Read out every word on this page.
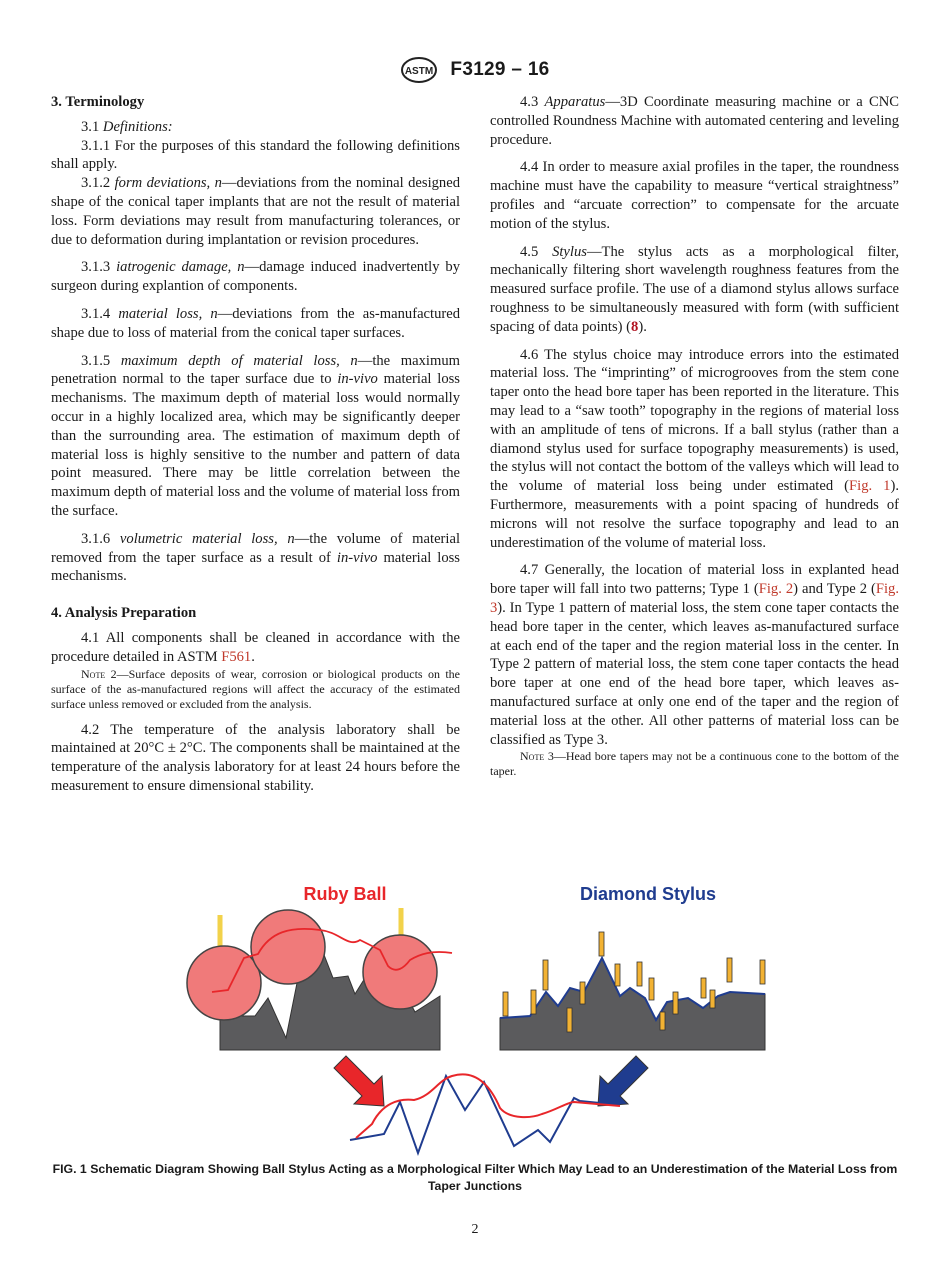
ASTM F3129 – 16
3. Terminology

3.1 Definitions:

3.1.1 For the purposes of this standard the following definitions shall apply.

3.1.2 form deviations, n—deviations from the nominal designed shape of the conical taper implants that are not the result of material loss. Form deviations may result from manufacturing tolerances, or due to deformation during implantation or revision procedures.

3.1.3 iatrogenic damage, n—damage induced inadvertently by surgeon during explantion of components.

3.1.4 material loss, n—deviations from the as-manufactured shape due to loss of material from the conical taper surfaces.

3.1.5 maximum depth of material loss, n—the maximum penetration normal to the taper surface due to in-vivo material loss mechanisms. The maximum depth of material loss would normally occur in a highly localized area, which may be significantly deeper than the surrounding area. The estimation of maximum depth of material loss is highly sensitive to the number and pattern of data point measured. There may be little correlation between the maximum depth of material loss and the volume of material loss from the surface.

3.1.6 volumetric material loss, n—the volume of material removed from the taper surface as a result of in-vivo material loss mechanisms.

4. Analysis Preparation

4.1 All components shall be cleaned in accordance with the procedure detailed in ASTM F561.

Note 2—Surface deposits of wear, corrosion or biological products on the surface of the as-manufactured regions will affect the accuracy of the estimated surface unless removed or excluded from the analysis.

4.2 The temperature of the analysis laboratory shall be maintained at 20°C ± 2°C. The components shall be maintained at the temperature of the analysis laboratory for at least 24 hours before the measurement to ensure dimensional stability.

4.3 Apparatus—3D Coordinate measuring machine or a CNC controlled Roundness Machine with automated centering and leveling procedure.

4.4 In order to measure axial profiles in the taper, the roundness machine must have the capability to measure “vertical straightness” profiles and “arcuate correction” to compensate for the arcuate motion of the stylus.

4.5 Stylus—The stylus acts as a morphological filter, mechanically filtering short wavelength roughness features from the measured surface profile. The use of a diamond stylus allows surface roughness to be simultaneously measured with form (with sufficient spacing of data points) (8).

4.6 The stylus choice may introduce errors into the estimated material loss. The “imprinting” of microgrooves from the stem cone taper onto the head bore taper has been reported in the literature. This may lead to a “saw tooth” topography in the regions of material loss with an amplitude of tens of microns. If a ball stylus (rather than a diamond stylus used for surface topography measurements) is used, the stylus will not contact the bottom of the valleys which will lead to the volume of material loss being under estimated (Fig. 1). Furthermore, measurements with a point spacing of hundreds of microns will not resolve the surface topography and lead to an underestimation of the volume of material loss.

4.7 Generally, the location of material loss in explanted head bore taper will fall into two patterns; Type 1 (Fig. 2) and Type 2 (Fig. 3). In Type 1 pattern of material loss, the stem cone taper contacts the head bore taper in the center, which leaves as-manufactured surface at each end of the taper and the region material loss in the center. In Type 2 pattern of material loss, the stem cone taper contacts the head bore taper at one end of the head bore taper, which leaves as-manufactured surface at only one end of the taper and the region of material loss at the other. All other patterns of material loss can be classified as Type 3.

Note 3—Head bore tapers may not be a continuous cone to the bottom of the taper.

Ruby Ball	Diamond Stylus
FIG. 1 Schematic Diagram Showing Ball Stylus Acting as a Morphological Filter Which May Lead to an Underestimation of the Material Loss from Taper Junctions
2
